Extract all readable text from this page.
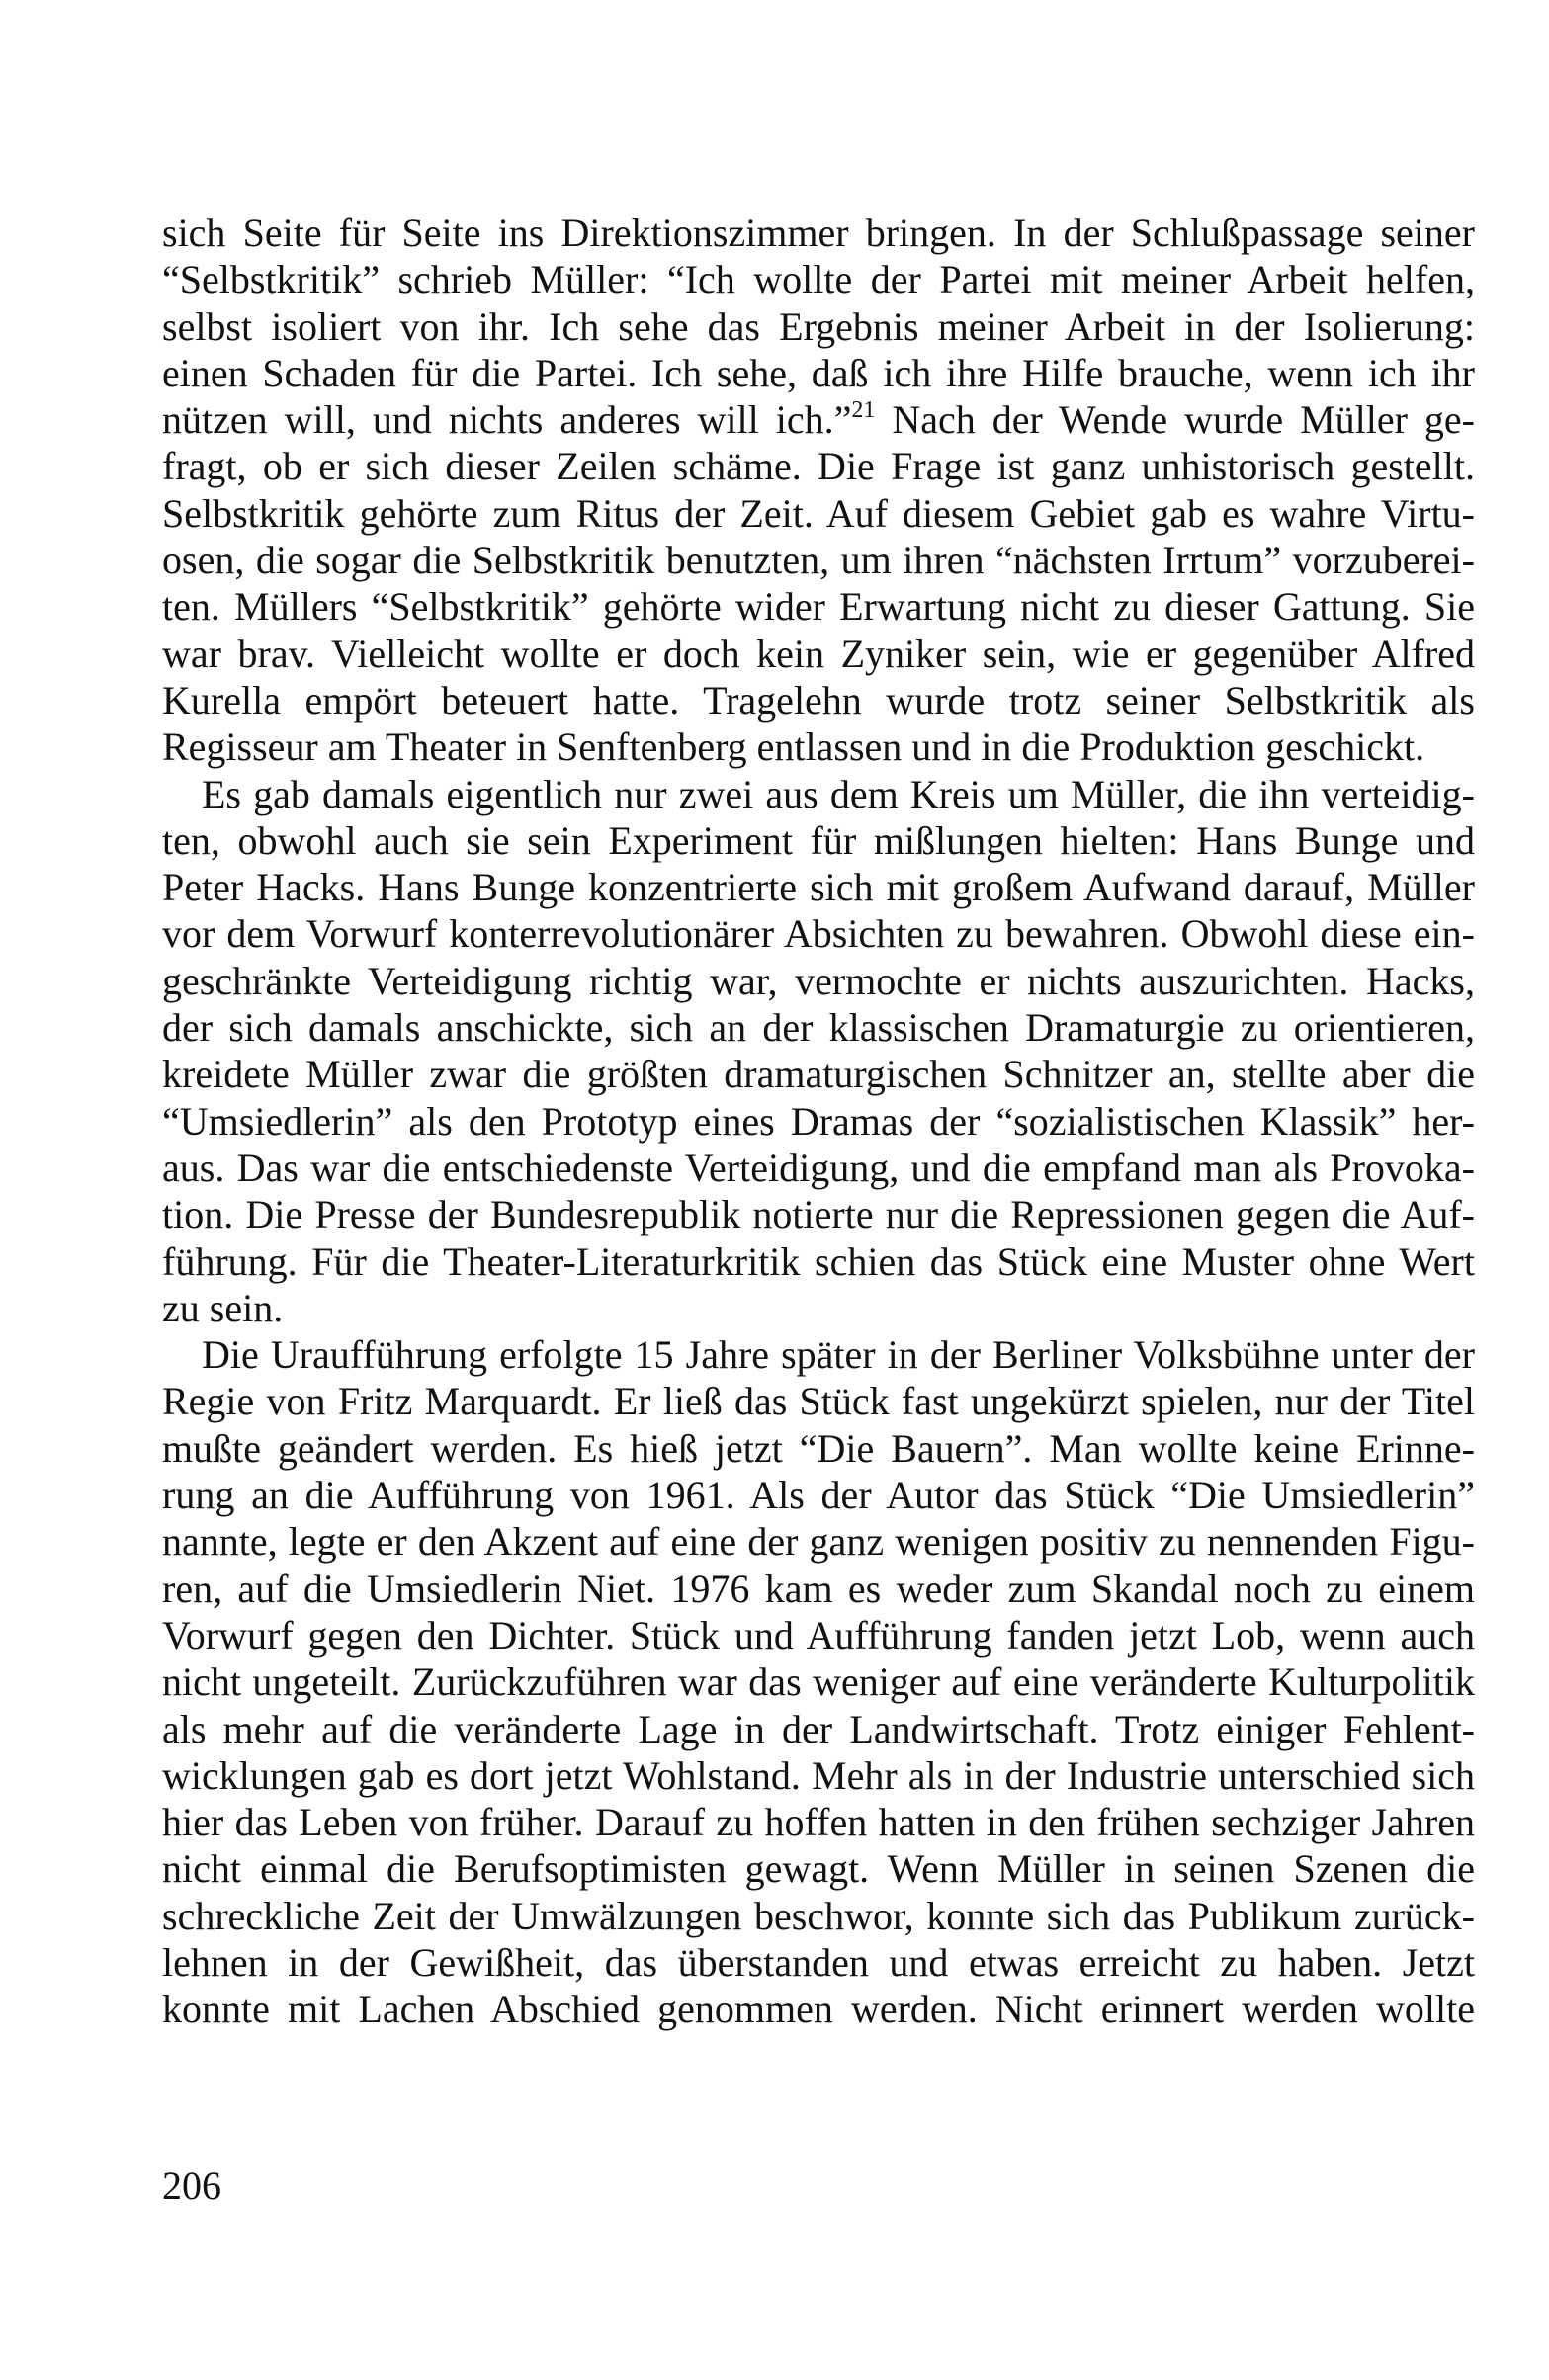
sich Seite für Seite ins Direktionszimmer bringen. In der Schlußpassage seiner
“Selbstkritik” schrieb Müller: “Ich wollte der Partei mit meiner Arbeit helfen,
selbst isoliert von ihr. Ich sehe das Ergebnis meiner Arbeit in der Isolierung:
einen Schaden für die Partei. Ich sehe, daß ich ihre Hilfe brauche, wenn ich ihr
nützen will, und nichts anderes will ich.”$^{21}$ Nach der Wende wurde Müller ge-
fragt, ob er sich dieser Zeilen schäme. Die Frage ist ganz unhistorisch gestellt.
Selbstkritik gehörte zum Ritus der Zeit. Auf diesem Gebiet gab es wahre Virtu-
osen, die sogar die Selbstkritik benutzten, um ihren “nächsten Irrtum” vorzuberei-
ten. Müllers “Selbstkritik” gehörte wider Erwartung nicht zu dieser Gattung. Sie
war brav. Vielleicht wollte er doch kein Zyniker sein, wie er gegenüber Alfred
Kurella empört beteuert hatte. Tragelehn wurde trotz seiner Selbstkritik als
Regisseur am Theater in Senftenberg entlassen und in die Produktion geschickt.
Es gab damals eigentlich nur zwei aus dem Kreis um Müller, die ihn verteidig-
ten, obwohl auch sie sein Experiment für mißlungen hielten: Hans Bunge und
Peter Hacks. Hans Bunge konzentrierte sich mit großem Aufwand darauf, Müller
vor dem Vorwurf konterrevolutionärer Absichten zu bewahren. Obwohl diese ein-
geschränkte Verteidigung richtig war, vermochte er nichts auszurichten. Hacks,
der sich damals anschickte, sich an der klassischen Dramaturgie zu orientieren,
kreidete Müller zwar die größten dramaturgischen Schnitzer an, stellte aber die
“Umsiedlerin” als den Prototyp eines Dramas der “sozialistischen Klassik” her-
aus. Das war die entschiedenste Verteidigung, und die empfand man als Provoka-
tion. Die Presse der Bundesrepublik notierte nur die Repressionen gegen die Auf-
führung. Für die Theater-Literaturkritik schien das Stück eine Muster ohne Wert
zu sein.
Die Uraufführung erfolgte 15 Jahre später in der Berliner Volksbühne unter der
Regie von Fritz Marquardt. Er ließ das Stück fast ungekürzt spielen, nur der Titel
mußte geändert werden. Es hieß jetzt “Die Bauern”. Man wollte keine Erinne-
rung an die Aufführung von 1961. Als der Autor das Stück “Die Umsiedlerin”
nannte, legte er den Akzent auf eine der ganz wenigen positiv zu nennenden Figu-
ren, auf die Umsiedlerin Niet. 1976 kam es weder zum Skandal noch zu einem
Vorwurf gegen den Dichter. Stück und Aufführung fanden jetzt Lob, wenn auch
nicht ungeteilt. Zurückzuführen war das weniger auf eine veränderte Kulturpolitik
als mehr auf die veränderte Lage in der Landwirtschaft. Trotz einiger Fehlent-
wicklungen gab es dort jetzt Wohlstand. Mehr als in der Industrie unterschied sich
hier das Leben von früher. Darauf zu hoffen hatten in den frühen sechziger Jahren
nicht einmal die Berufsoptimisten gewagt. Wenn Müller in seinen Szenen die
schreckliche Zeit der Umwälzungen beschwor, konnte sich das Publikum zurück-
lehnen in der Gewißheit, das überstanden und etwas erreicht zu haben. Jetzt
konnte mit Lachen Abschied genommen werden. Nicht erinnert werden wollte
206
